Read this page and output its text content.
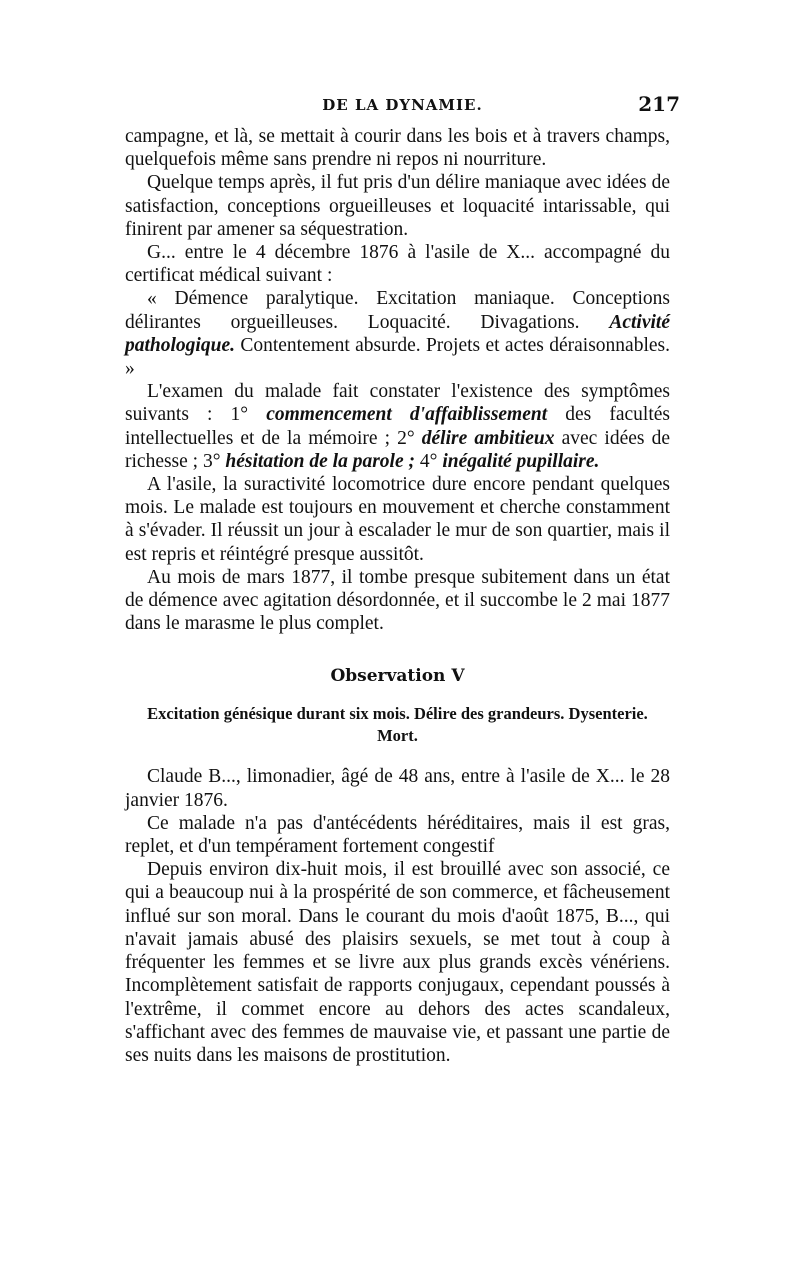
DE LA DYNAMIE.	217

campagne, et là, se mettait à courir dans les bois et à travers champs, quelquefois même sans prendre ni repos ni nourriture.

Quelque temps après, il fut pris d'un délire maniaque avec idées de satisfaction, conceptions orgueilleuses et loquacité intarissable, qui finirent par amener sa séquestration.

G... entre le 4 décembre 1876 à l'asile de X... accompagné du certificat médical suivant :

« Démence paralytique. Excitation maniaque. Conceptions délirantes orgueilleuses. Loquacité. Divagations. Activité pathologique. Contentement absurde. Projets et actes déraisonnables. »

L'examen du malade fait constater l'existence des symptômes suivants : 1° commencement d'affaiblissement des facultés intellectuelles et de la mémoire ; 2° délire ambitieux avec idées de richesse ; 3° hésitation de la parole ; 4° inégalité pupillaire.

A l'asile, la suractivité locomotrice dure encore pendant quelques mois. Le malade est toujours en mouvement et cherche constamment à s'évader. Il réussit un jour à escalader le mur de son quartier, mais il est repris et réintégré presque aussitôt.

Au mois de mars 1877, il tombe presque subitement dans un état de démence avec agitation désordonnée, et il succombe le 2 mai 1877 dans le marasme le plus complet.

Observation V
Excitation génésique durant six mois. Délire des grandeurs. Dysenterie. Mort.

Claude B..., limonadier, âgé de 48 ans, entre à l'asile de X... le 28 janvier 1876.

Ce malade n'a pas d'antécédents héréditaires, mais il est gras, replet, et d'un tempérament fortement congestif

Depuis environ dix-huit mois, il est brouillé avec son associé, ce qui a beaucoup nui à la prospérité de son commerce, et fâcheusement influé sur son moral. Dans le courant du mois d'août 1875, B..., qui n'avait jamais abusé des plaisirs sexuels, se met tout à coup à fréquenter les femmes et se livre aux plus grands excès vénériens. Incomplètement satisfait de rapports conjugaux, cependant poussés à l'extrême, il commet encore au dehors des actes scandaleux, s'affichant avec des femmes de mauvaise vie, et passant une partie de ses nuits dans les maisons de prostitution.
